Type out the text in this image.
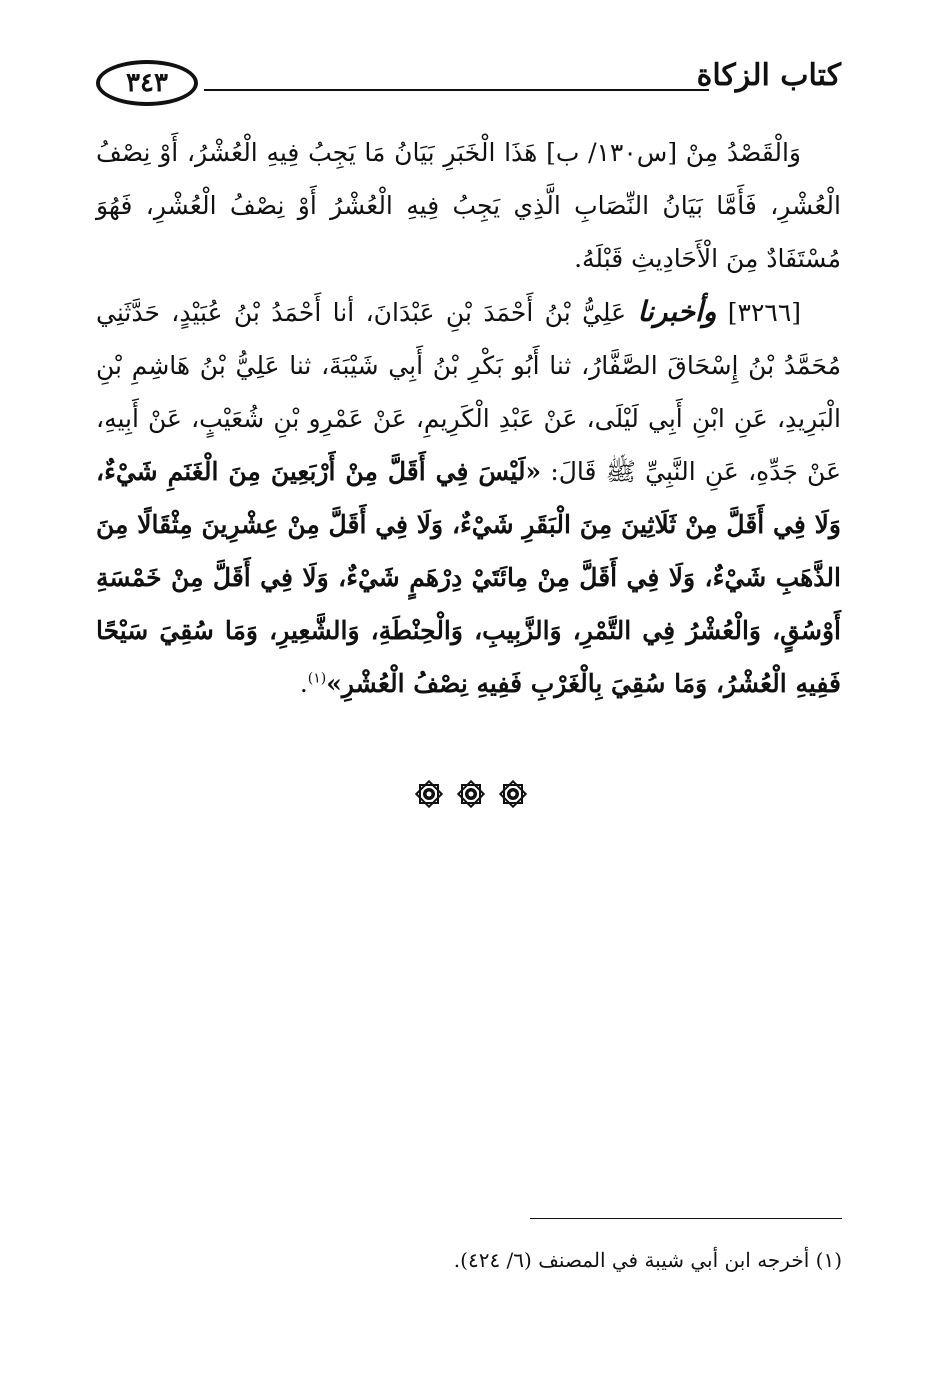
٣٤٣	كتاب الزكاة

وَالْقَصْدُ مِنْ [س١٣٠/ ب] هَذَا الْخَبَرِ بَيَانُ مَا يَجِبُ فِيهِ الْعُشْرُ، أَوْ نِصْفُ الْعُشْرِ، فَأَمَّا بَيَانُ النِّصَابِ الَّذِي يَجِبُ فِيهِ الْعُشْرُ أَوْ نِصْفُ الْعُشْرِ، فَهُوَ مُسْتَفَادٌ مِنَ الْأَحَادِيثِ قَبْلَهُ.

[٣٢٦٦] وأخبرنا عَلِيُّ بْنُ أَحْمَدَ بْنِ عَبْدَانَ، أنا أَحْمَدُ بْنُ عُبَيْدٍ، حَدَّثَنِي مُحَمَّدُ بْنُ إِسْحَاقَ الصَّفَّارُ، ثنا أَبُو بَكْرِ بْنُ أَبِي شَيْبَةَ، ثنا عَلِيُّ بْنُ هَاشِمِ بْنِ الْبَرِيدِ، عَنِ ابْنِ أَبِي لَيْلَى، عَنْ عَبْدِ الْكَرِيمِ، عَنْ عَمْرِو بْنِ شُعَيْبٍ، عَنْ أَبِيهِ، عَنْ جَدِّهِ، عَنِ النَّبِيِّ ﷺ قَالَ: «لَيْسَ فِي أَقَلَّ مِنْ أَرْبَعِينَ مِنَ الْغَنَمِ شَيْءٌ، وَلَا فِي أَقَلَّ مِنْ ثَلَاثِينَ مِنَ الْبَقَرِ شَيْءٌ، وَلَا فِي أَقَلَّ مِنْ عِشْرِينَ مِثْقَالًا مِنَ الذَّهَبِ شَيْءٌ، وَلَا فِي أَقَلَّ مِنْ مِائَتَيْ دِرْهَمٍ شَيْءٌ، وَلَا فِي أَقَلَّ مِنْ خَمْسَةِ أَوْسُقٍ، وَالْعُشْرُ فِي التَّمْرِ، وَالزَّبِيبِ، وَالْحِنْطَةِ، وَالشَّعِيرِ، وَمَا سُقِيَ سَيْحًا فَفِيهِ الْعُشْرُ، وَمَا سُقِيَ بِالْغَرْبِ فَفِيهِ نِصْفُ الْعُشْرِ»$^{(١)}$.

(١) أخرجه ابن أبي شيبة في المصنف (٦/ ٤٢٤).
